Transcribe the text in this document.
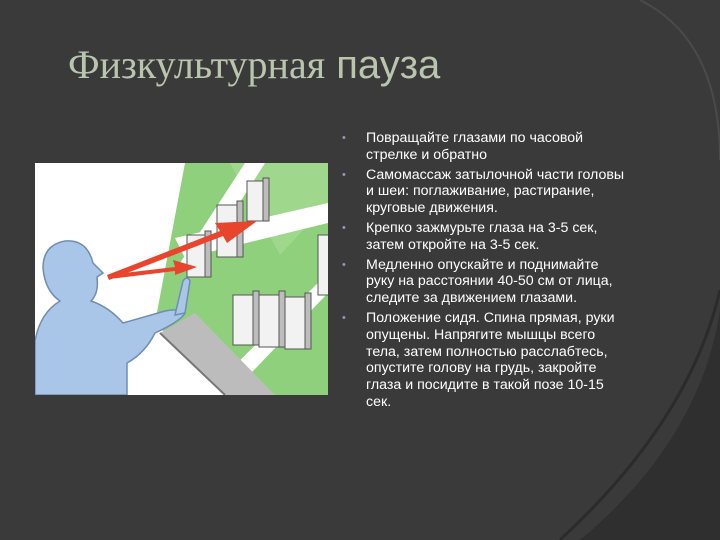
Физкультурная пауза
• Повращайте глазами по часовой стрелке и обратно
• Самомассаж затылочной части головы и шеи: поглаживание, растирание, круговые движения.
• Крепко зажмурьте глаза на 3-5 сек, затем откройте на 3-5 сек.
• Медленно опускайте и поднимайте руку на расстоянии 40-50 см от лица, следите за движением глазами.
• Положение сидя. Спина прямая, руки опущены. Напрягите мышцы всего тела, затем полностью расслабтесь, опустите голову на грудь, закройте глаза и посидите в такой позе 10-15 сек.
